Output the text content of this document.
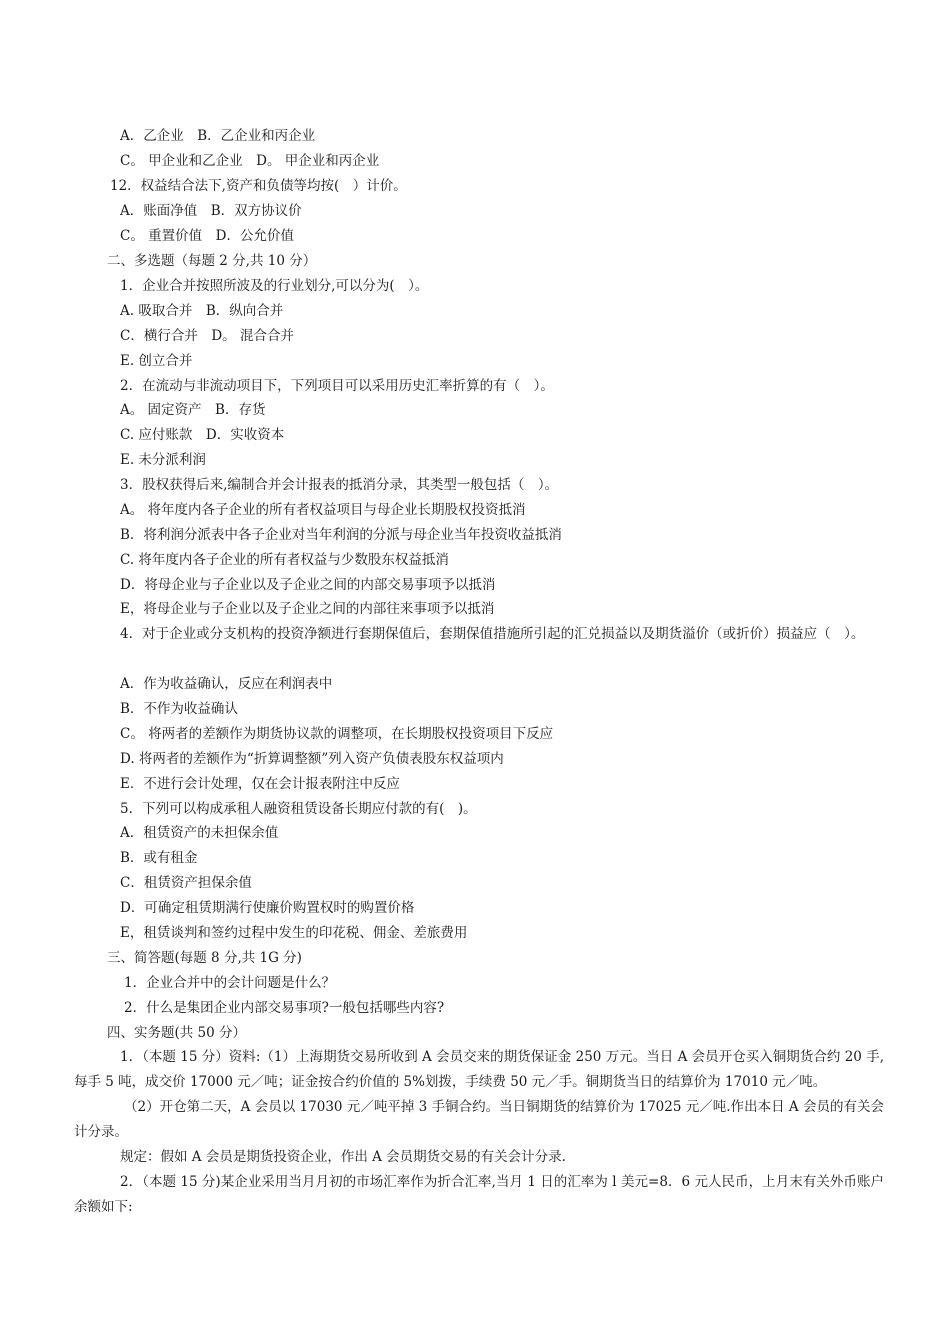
A．乙企业　B．乙企业和丙企业
C。 甲企业和乙企业　D。 甲企业和丙企业
12．权益结合法下,资产和负债等均按(　）计价。
A．账面净值　B．双方协议价
C。 重置价值　D．公允价值
二、多选题（每题 2 分,共 10 分）
1．企业合并按照所波及的行业划分,可以分为(　）。
A. 吸取合并　B．纵向合并
C．横行合并　D。 混合合并
E. 创立合并
2．在流动与非流动项目下，下列项目可以采用历史汇率折算的有（　）。
A。 固定资产　B．存货
C. 应付账款　D．实收资本
E. 未分派利润
3．股权获得后来,编制合并会计报表的抵消分录，其类型一般包括（　）。
A。 将年度内各子企业的所有者权益项目与母企业长期股权投资抵消
B．将利润分派表中各子企业对当年利润的分派与母企业当年投资收益抵消
C. 将年度内各子企业的所有者权益与少数股东权益抵消
D．将母企业与子企业以及子企业之间的内部交易事项予以抵消
E，将母企业与子企业以及子企业之间的内部往来事项予以抵消
4．对于企业或分支机构的投资净额进行套期保值后，套期保值措施所引起的汇兑损益以及期货溢价（或折价）损益应（　）。
A．作为收益确认，反应在利润表中
B．不作为收益确认
C。 将两者的差额作为期货协议款的调整项，在长期股权投资项目下反应
D. 将两者的差额作为“折算调整额”列入资产负债表股东权益项内
E．不进行会计处理，仅在会计报表附注中反应
5．下列可以构成承租人融资租赁设备长期应付款的有(　)。
A．租赁资产的未担保余值
B．或有租金
C．租赁资产担保余值
D．可确定租赁期满行使廉价购置权时的购置价格
E，租赁谈判和签约过程中发生的印花税、佣金、差旅费用
三、简答题(每题 8 分,共 1G 分)
1．企业合并中的会计问题是什么？
2．什么是集团企业内部交易事项?一般包括哪些内容?
四、实务题(共 50 分）
1．（本题 15 分）资料:（1）上海期货交易所收到 A 会员交来的期货保证金 250 万元。当日 A 会员开仓买入铜期货合约 20 手,每手 5 吨，成交价 17000 元／吨；证金按合约价值的 5%划拨，手续费 50 元／手。铜期货当日的结算价为 17010 元／吨。
（2）开仓第二天，A 会员以 17030 元／吨平掉 3 手铜合约。当日铜期货的结算价为 17025 元／吨.作出本日 A 会员的有关会计分录。
规定：假如 A 会员是期货投资企业，作出 A 会员期货交易的有关会计分录.
2．（本题 15 分)某企业采用当月月初的市场汇率作为折合汇率,当月 1 日的汇率为 l 美元=8．6 元人民币，上月末有关外币账户余额如下:
